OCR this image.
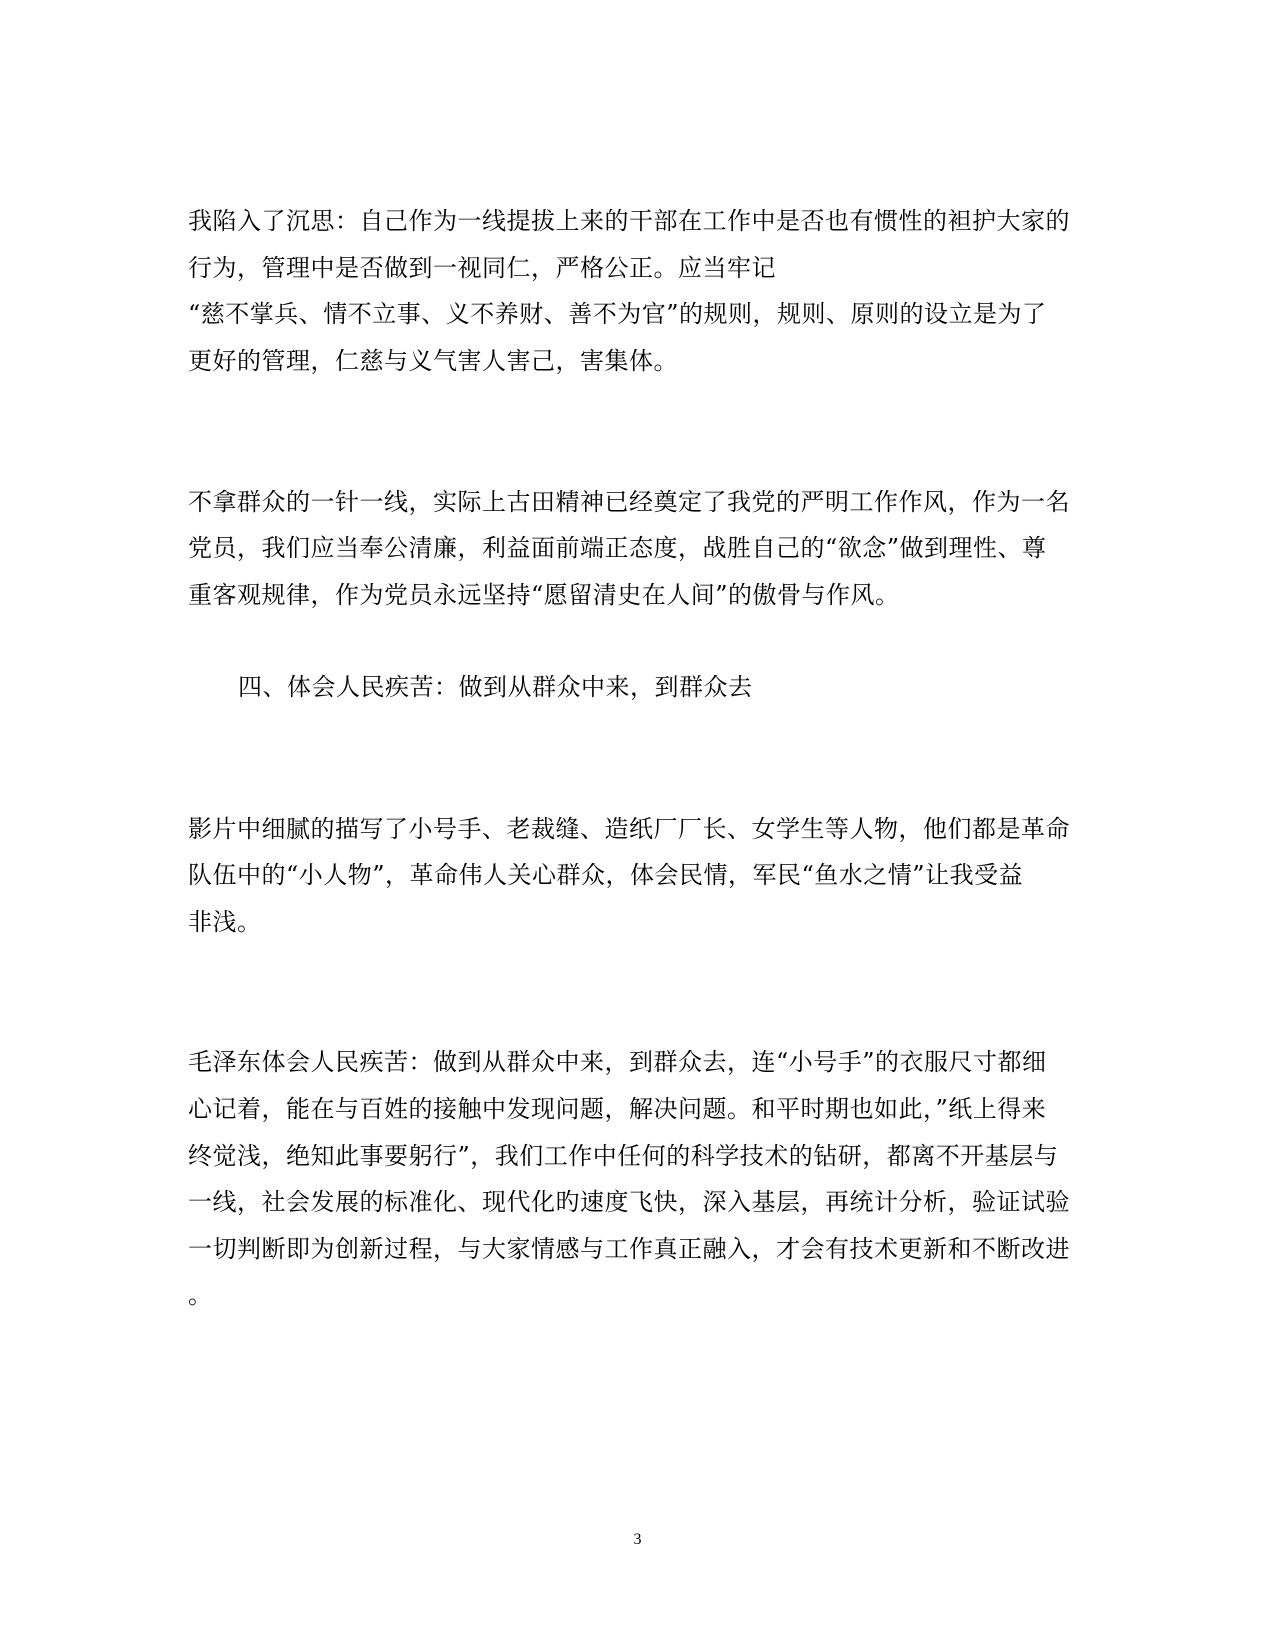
我陷入了沉思：自己作为一线提拔上来的干部在工作中是否也有惯性的袒护大家的
行为，管理中是否做到一视同仁，严格公正。应当牢记
“慈不掌兵、情不立事、义不养财、善不为官”的规则，规则、原则的设立是为了
更好的管理，仁慈与义气害人害己，害集体。
不拿群众的一针一线，实际上古田精神已经奠定了我党的严明工作作风，作为一名
党员，我们应当奉公清廉，利益面前端正态度，战胜自己的“欲念”做到理性、尊
重客观规律，作为党员永远坚持“愿留清史在人间”的傲骨与作风。
四、体会人民疾苦：做到从群众中来，到群众去
影片中细腻的描写了小号手、老裁缝、造纸厂厂长、女学生等人物，他们都是革命
队伍中的“小人物”，革命伟人关心群众，体会民情，军民“鱼水之情”让我受益
非浅。
毛泽东体会人民疾苦：做到从群众中来，到群众去，连“小号手”的衣服尺寸都细
心记着，能在与百姓的接触中发现问题，解决问题。和平时期也如此，”纸上得来
终觉浅，绝知此事要躬行”，我们工作中任何的科学技术的钻研，都离不开基层与
一线，社会发展的标准化、现代化旳速度飞快，深入基层，再统计分析，验证试验
一切判断即为创新过程，与大家情感与工作真正融入，才会有技术更新和不断改进
。
3
